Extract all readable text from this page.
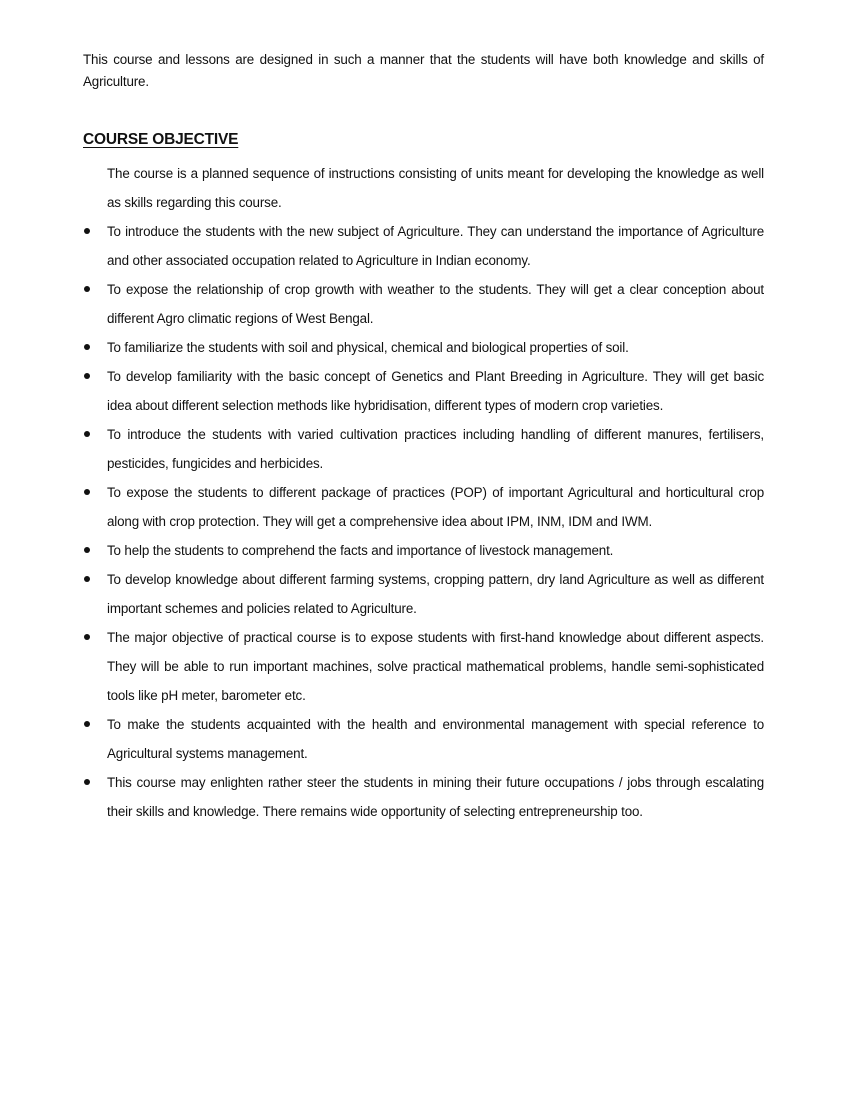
This course and lessons are designed in such a manner that the students will have both knowledge and skills of Agriculture.

COURSE OBJECTIVE

The course is a planned sequence of instructions consisting of units meant for developing the knowledge as well as skills regarding this course.

To introduce the students with the new subject of Agriculture. They can understand the importance of Agriculture and other associated occupation related to Agriculture in Indian economy.
To expose the relationship of crop growth with weather to the students. They will get a clear conception about different Agro climatic regions of West Bengal.
To familiarize the students with soil and physical, chemical and biological properties of soil.
To develop familiarity with the basic concept of Genetics and Plant Breeding in Agriculture. They will get basic idea about different selection methods like hybridisation, different types of modern crop varieties.
To introduce the students with varied cultivation practices including handling of different manures, fertilisers, pesticides, fungicides and herbicides.
To expose the students to different package of practices (POP) of important Agricultural and horticultural crop along with crop protection. They will get a comprehensive idea about IPM, INM, IDM and IWM.
To help the students to comprehend the facts and importance of livestock management.
To develop knowledge about different farming systems, cropping pattern, dry land Agriculture as well as different important schemes and policies related to Agriculture.
The major objective of practical course is to expose students with first-hand knowledge about different aspects. They will be able to run important machines, solve practical mathematical problems, handle semi-sophisticated tools like pH meter, barometer etc.
To make the students acquainted with the health and environmental management with special reference to Agricultural systems management.
This course may enlighten rather steer the students in mining their future occupations / jobs through escalating their skills and knowledge. There remains wide opportunity of selecting entrepreneurship too.
